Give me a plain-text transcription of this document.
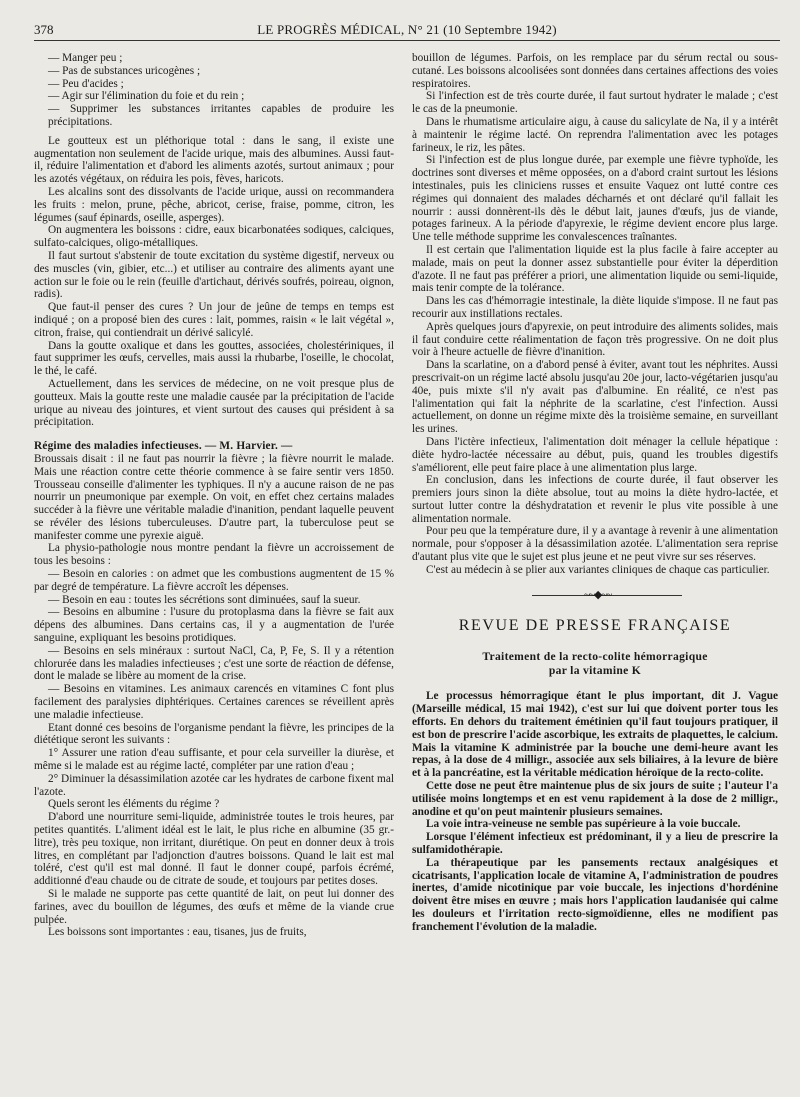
378	LE PROGRÈS MÉDICAL, N° 21 (10 Septembre 1942)

— Manger peu ;

— Pas de substances uricogènes ;

— Peu d'acides ;

— Agir sur l'élimination du foie et du rein ;

— Supprimer les substances irritantes capables de produire les précipitations.

Le goutteux est un pléthorique total : dans le sang, il existe une augmentation non seulement de l'acide urique, mais des albumines. Aussi faut-il, réduire l'alimentation et d'abord les aliments azotés, surtout animaux ; pour les azotés végétaux, on réduira les pois, fèves, haricots.

Les alcalins sont des dissolvants de l'acide urique, aussi on recommandera les fruits : melon, prune, pêche, abricot, cerise, fraise, pomme, citron, les légumes (sauf épinards, oseille, asperges).

On augmentera les boissons : cidre, eaux bicarbonatées sodiques, calciques, sulfato-calciques, oligo-métalliques.

Il faut surtout s'abstenir de toute excitation du système digestif, nerveux ou des muscles (vin, gibier, etc...) et utiliser au contraire des aliments ayant une action sur le foie ou le rein (feuille d'artichaut, dérivés soufrés, poireau, oignon, radis).

Que faut-il penser des cures ? Un jour de jeûne de temps en temps est indiqué ; on a proposé bien des cures : lait, pommes, raisin « le lait végétal », citron, fraise, qui contiendrait un dérivé salicylé.

Dans la goutte oxalique et dans les gouttes, associées, cholestériniques, il faut supprimer les œufs, cervelles, mais aussi la rhubarbe, l'oseille, le chocolat, le thé, le café.

Actuellement, dans les services de médecine, on ne voit presque plus de goutteux. Mais la goutte reste une maladie causée par la précipitation de l'acide urique au niveau des jointures, et vient surtout des causes qui président à sa précipitation.

Régime des maladies infectieuses. — M. Harvier. —

Broussais disait : il ne faut pas nourrir la fièvre ; la fièvre nourrit le malade. Mais une réaction contre cette théorie commence à se faire sentir vers 1850. Trousseau conseille d'alimenter les typhiques. Il n'y a aucune raison de ne pas nourrir un pneumonique par exemple. On voit, en effet chez certains malades succéder à la fièvre une véritable maladie d'inanition, pendant laquelle peuvent se révéler des lésions tuberculeuses. D'autre part, la tuberculose peut se manifester comme une pyrexie aiguë.

La physio-pathologie nous montre pendant la fièvre un accroissement de tous les besoins :

— Besoin en calories : on admet que les combustions augmentent de 15 % par degré de température. La fièvre accroît les dépenses.

— Besoin en eau : toutes les sécrétions sont diminuées, sauf la sueur.

— Besoins en albumine : l'usure du protoplasma dans la fièvre se fait aux dépens des albumines. Dans certains cas, il y a augmentation de l'urée sanguine, expliquant les besoins protidiques.

— Besoins en sels minéraux : surtout NaCl, Ca, P, Fe, S. Il y a rétention chlorurée dans les maladies infectieuses ; c'est une sorte de réaction de défense, dont le malade se libère au moment de la crise.

— Besoins en vitamines. Les animaux carencés en vitamines C font plus facilement des paralysies diphtériques. Certaines carences se réveillent après une maladie infectieuse.

Etant donné ces besoins de l'organisme pendant la fièvre, les principes de la diététique seront les suivants :

1° Assurer une ration d'eau suffisante, et pour cela surveiller la diurèse, et même si le malade est au régime lacté, compléter par une ration d'eau ;

2° Diminuer la désassimilation azotée car les hydrates de carbone fixent mal l'azote.

Quels seront les éléments du régime ?

D'abord une nourriture semi-liquide, administrée toutes le trois heures, par petites quantités. L'aliment idéal est le lait, le plus riche en albumine (35 gr.-litre), très peu toxique, non irritant, diurétique. On peut en donner deux à trois litres, en complétant par l'adjonction d'autres boissons. Quand le lait est mal toléré, c'est qu'il est mal donné. Il faut le donner coupé, parfois écrémé, additionné d'eau chaude ou de citrate de soude, et toujours par petites doses.

Si le malade ne supporte pas cette quantité de lait, on peut lui donner des farines, avec du bouillon de légumes, des œufs et même de la viande crue pulpée.

Les boissons sont importantes : eau, tisanes, jus de fruits,

bouillon de légumes. Parfois, on les remplace par du sérum rectal ou sous-cutané. Les boissons alcoolisées sont données dans certaines affections des voies respiratoires.

Si l'infection est de très courte durée, il faut surtout hydrater le malade ; c'est le cas de la pneumonie.

Dans le rhumatisme articulaire aigu, à cause du salicylate de Na, il y a intérêt à maintenir le régime lacté. On reprendra l'alimentation avec les potages farineux, le riz, les pâtes.

Si l'infection est de plus longue durée, par exemple une fièvre typhoïde, les doctrines sont diverses et même opposées, on a d'abord craint surtout les lésions intestinales, puis les cliniciens russes et ensuite Vaquez ont lutté contre ces régimes qui donnaient des malades décharnés et ont déclaré qu'il fallait les nourrir : aussi donnèrent-ils dès le début lait, jaunes d'œufs, jus de viande, potages farineux. A la période d'apyrexie, le régime devient encore plus large. Une telle méthode supprime les convalescences traînantes.

Il est certain que l'alimentation liquide est la plus facile à faire accepter au malade, mais on peut la donner assez substantielle pour éviter la déperdition d'azote. Il ne faut pas préférer a priori, une alimentation liquide ou semi-liquide, mais tenir compte de la tolérance.

Dans les cas d'hémorragie intestinale, la diète liquide s'impose. Il ne faut pas recourir aux instillations rectales.

Après quelques jours d'apyrexie, on peut introduire des aliments solides, mais il faut conduire cette réalimentation de façon très progressive. On ne doit plus voir à l'heure actuelle de fièvre d'inanition.

Dans la scarlatine, on a d'abord pensé à éviter, avant tout les néphrites. Aussi prescrivait-on un régime lacté absolu jusqu'au 20e jour, lacto-végétarien jusqu'au 40e, puis mixte s'il n'y avait pas d'albumine. En réalité, ce n'est pas l'alimentation qui fait la néphrite de la scarlatine, c'est l'infection. Aussi actuellement, on donne un régime mixte dès la troisième semaine, en surveillant les urines.

Dans l'ictère infectieux, l'alimentation doit ménager la cellule hépatique : diète hydro-lactée nécessaire au début, puis, quand les troubles digestifs s'améliorent, elle peut faire place à une alimentation plus large.

En conclusion, dans les infections de courte durée, il faut observer les premiers jours sinon la diète absolue, tout au moins la diète hydro-lactée, et surtout lutter contre la déshydratation et revenir le plus vite possible à une alimentation normale.

Pour peu que la température dure, il y a avantage à revenir à une alimentation normale, pour s'opposer à la désassimilation azotée. L'alimentation sera reprise d'autant plus vite que le sujet est plus jeune et ne peut vivre sur ses réserves.

C'est au médecin à se plier aux variantes cliniques de chaque cas particulier.

~~◆~~
REVUE DE PRESSE FRANÇAISE
Traitement de la recto-colite hémorragique
par la vitamine K

Le processus hémorragique étant le plus important, dit J. Vague (Marseille médical, 15 mai 1942), c'est sur lui que doivent porter tous les efforts. En dehors du traitement émétinien qu'il faut toujours pratiquer, il est bon de prescrire l'acide ascorbique, les extraits de plaquettes, le calcium. Mais la vitamine K administrée par la bouche une demi-heure avant les repas, à la dose de 4 milligr., associée aux sels biliaires, à la levure de bière et à la pancréatine, est la véritable médication héroïque de la recto-colite.

Cette dose ne peut être maintenue plus de six jours de suite ; l'auteur l'a utilisée moins longtemps et en est venu rapidement à la dose de 2 milligr., anodine et qu'on peut maintenir plusieurs semaines.

La voie intra-veineuse ne semble pas supérieure à la voie buccale.

Lorsque l'élément infectieux est prédominant, il y a lieu de prescrire la sulfamidothérapie.

La thérapeutique par les pansements rectaux analgésiques et cicatrisants, l'application locale de vitamine A, l'administration de poudres inertes, d'amide nicotinique par voie buccale, les injections d'hordénine doivent être mises en œuvre ; mais hors l'application laudanisée qui calme les douleurs et l'irritation recto-sigmoïdienne, elles ne modifient pas franchement l'évolution de la maladie.
